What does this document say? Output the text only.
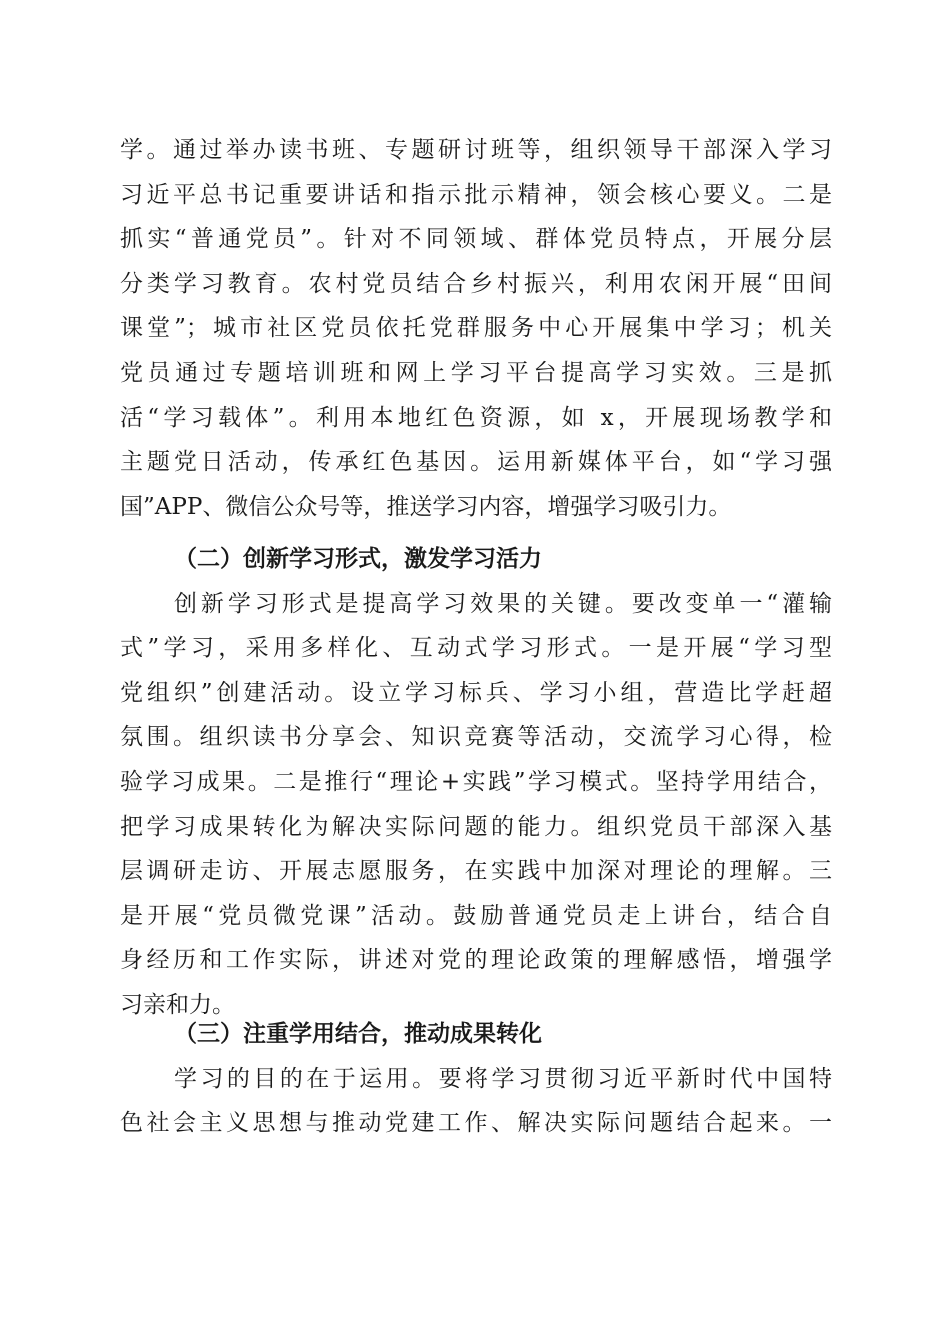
学。通过举办读书班、专题研讨班等，组织领导干部深入学习
习近平总书记重要讲话和指示批示精神，领会核心要义。二是
抓实“普通党员”。针对不同领域、群体党员特点，开展分层
分类学习教育。农村党员结合乡村振兴，利用农闲开展“田间
课堂”；城市社区党员依托党群服务中心开展集中学习；机关
党员通过专题培训班和网上学习平台提高学习实效。三是抓
活“学习载体”。利用本地红色资源，如 x，开展现场教学和
主题党日活动，传承红色基因。运用新媒体平台，如“学习强
国”APP、微信公众号等，推送学习内容，增强学习吸引力。
（二）创新学习形式，激发学习活力
创新学习形式是提高学习效果的关键。要改变单一“灌输
式”学习，采用多样化、互动式学习形式。一是开展“学习型
党组织”创建活动。设立学习标兵、学习小组，营造比学赶超
氛围。组织读书分享会、知识竞赛等活动，交流学习心得，检
验学习成果。二是推行“理论+实践”学习模式。坚持学用结合，
把学习成果转化为解决实际问题的能力。组织党员干部深入基
层调研走访、开展志愿服务，在实践中加深对理论的理解。三
是开展“党员微党课”活动。鼓励普通党员走上讲台，结合自
身经历和工作实际，讲述对党的理论政策的理解感悟，增强学
习亲和力。
（三）注重学用结合，推动成果转化
学习的目的在于运用。要将学习贯彻习近平新时代中国特
色社会主义思想与推动党建工作、解决实际问题结合起来。一
